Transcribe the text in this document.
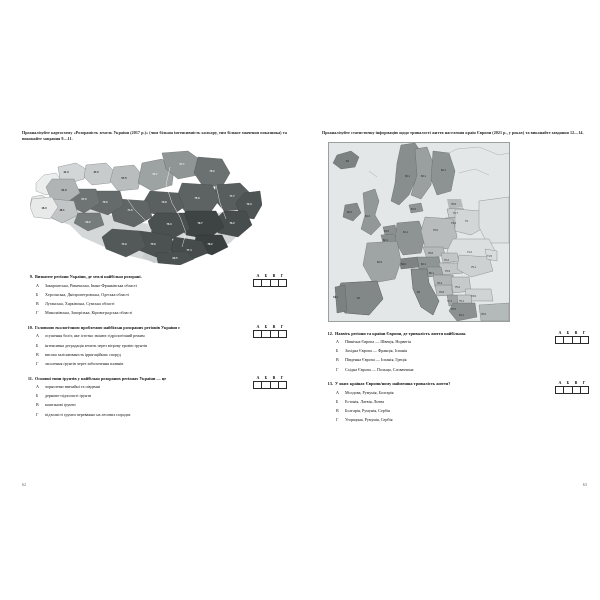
Проаналізуйте картосхему «Розораність земель України (2017 р.)» (чим більша інтенсивність кольору, тим більше значення показника) та виконайте завдання 9—11.
41.3	47.2
57.5
56.7
57.1
70.2
77.7
73.3
73.2
78.2
79.7
75.9
73.8
76.3
75.8
77.4
74.9
71.6
70.6
67.6
51.0
46.1
16.0
59.2
69.5
9. Визначте регіони України, де землі найбільш розорані.
А	Закарпатська, Рівненська, Івано-Франківська області
Б	Херсонська, Дніпропетровська, Одеська області
В	Луганська, Харківська, Сумська області
Г	Миколаївська, Запорізька, Кіровоградська області
А	Б	В	Г
10. Головною екологічною проблемою найбільш розораних регіонів України є
А	осушення боліт, яке істотно змінює гідрологічний режим
Б	інтенсивна деградація земель через вітрову ерозію ґрунтів
В	висока заліснюваність ірригаційних споруд
Г	засолення ґрунтів через заболочення плавнів
А	Б	В	Г
11. Основні типи ґрунтів у найбільш розораних регіонах України — це
А	чорноземи звичайні та південні
Б	дерново-підзолисті ґрунти
В	каштанові ґрунти
Г	підзолисті ґрунти переважно на лесових породах
А	Б	В	Г
62
Проаналізуйте статистичну інформацію щодо тривалості життя населення країн Європи (2021 р., у роках) та виконайте завдання 12—14.
83
83.1	83.1
82.1
78.8
74.7
74.9
82.6
81.2
81.5
81.5
82.1
81.1
76.6
73
71.2
78.8
76.2
82.1
76.9
75.1
71.5
80.1
78.4
75.2
73.6
76.8
77.1	75.1
78.5
81.1
83
84.0
82.5
83
81.1
78.6
12. Назвіть регіони та країни Європи, де тривалість життя найбільша.
А	Північна Європа — Швеція, Норвегія
Б	Західна Європа — Франція, Іспанія
В	Південна Європа — Іспанія, Греція
Г	Східна Європа — Польща, Словаччина
А	Б	В	Г
13. У яких країнах Європи/ному найменша тривалість життя?
А	Молдова, Румунія, Болгарія
Б	Естонія, Латвія, Литва
В	Болгарія, Румунія, Сербія
Г	Угорщина, Румунія, Сербія
А	Б	В	Г
63
